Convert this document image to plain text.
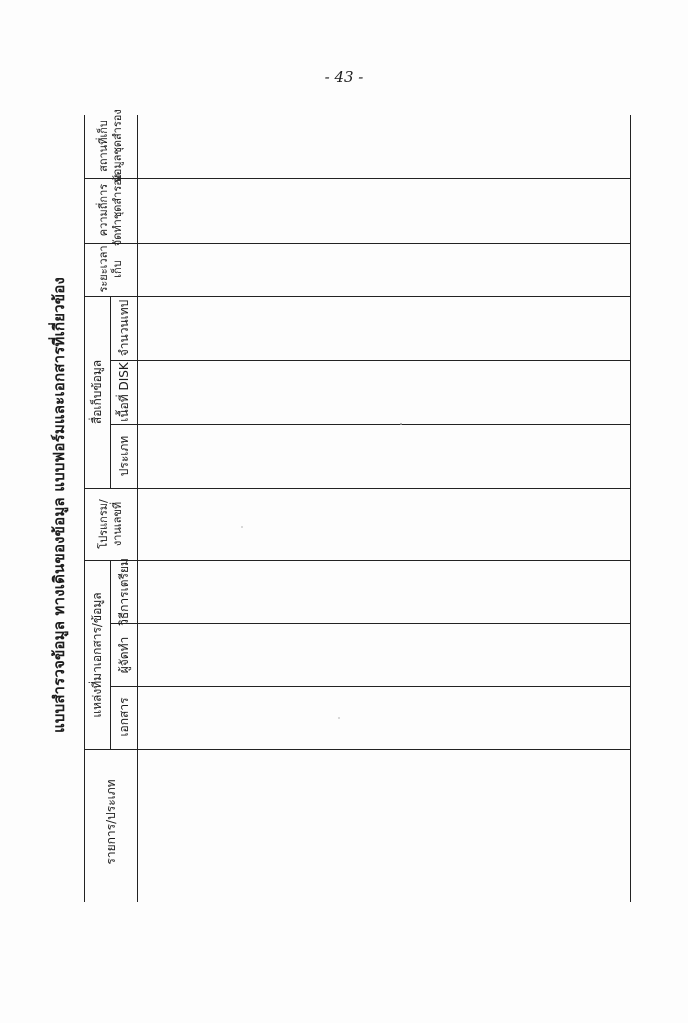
- 43 -
แบบสำรวจข้อมูล ทางเดินของข้อมูล แบบฟอร์มและเอกสารที่เกี่ยวข้อง
รายการ/ประเภท
แหล่งที่มาเอกสาร/ข้อมูล เอกสาร
ผู้จัดทำ
วิธีการเตรียม
โปรแกรม/ งานเลขที่
สื่อเก็บข้อมูล
ประเภท
เนื้อที่ DISK
จำนวนเทป
ระยะเวลา เก็บ
ความถี่การ จัดทำชุดสำรอง
สถานที่เก็บ ข้อมูลชุดสำรอง
